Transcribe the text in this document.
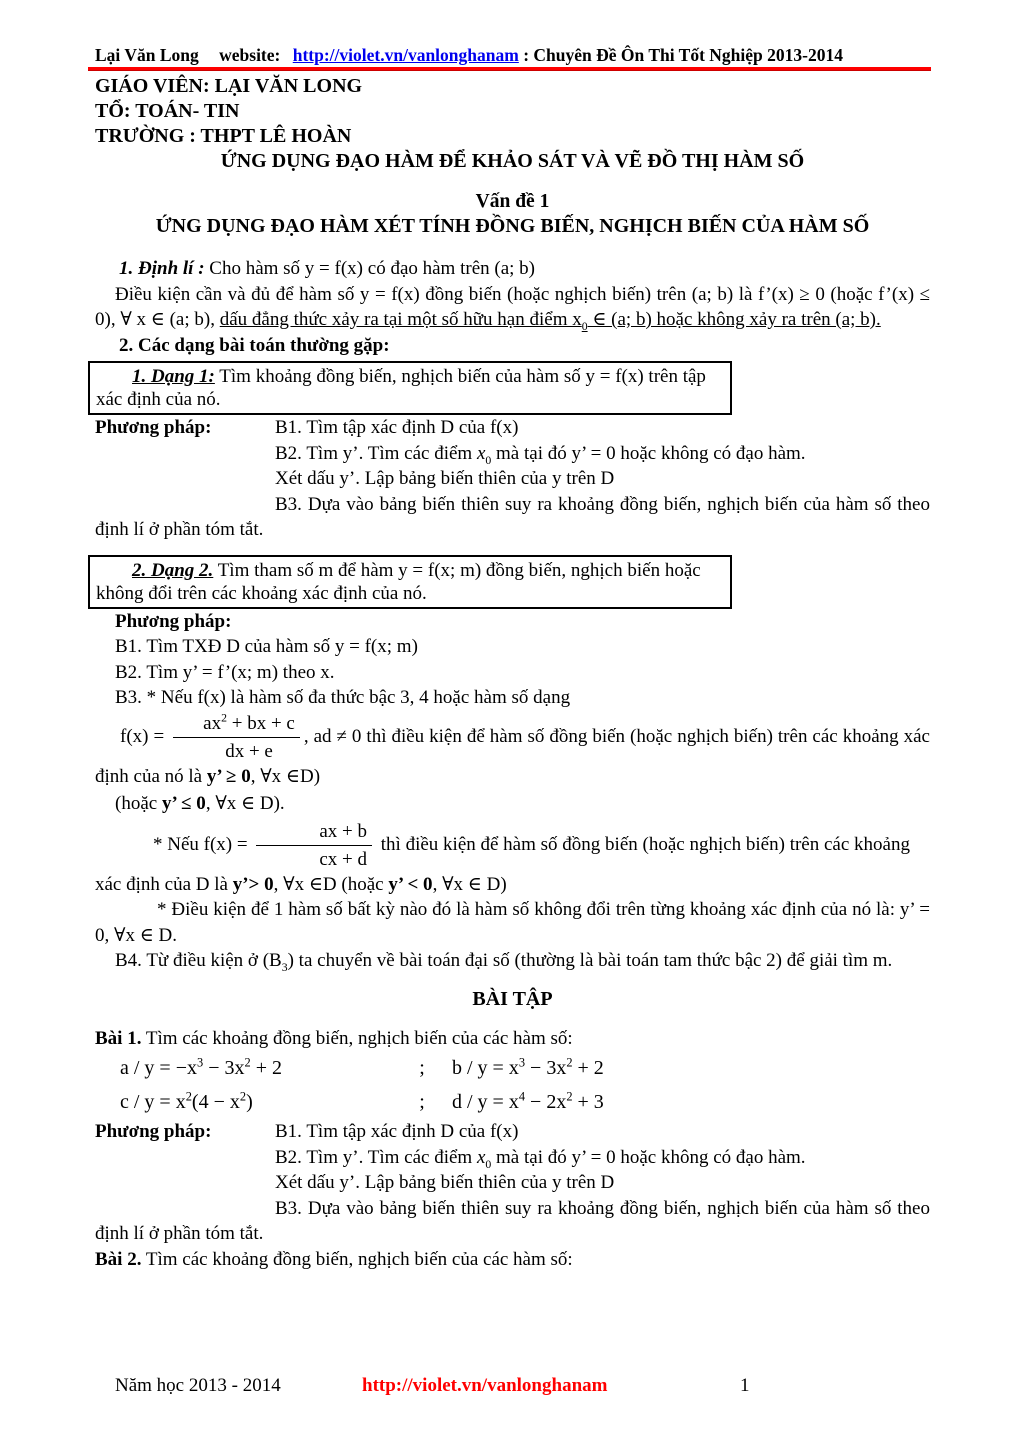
Lại Văn Long website: http://violet.vn/vanlonghanam : Chuyên Đề Ôn Thi Tốt Nghiệp 2013-2014
GIÁO VIÊN: LẠI VĂN LONG
TỔ: TOÁN- TIN
TRƯỜNG : THPT LÊ HOÀN
ỨNG DỤNG ĐẠO HÀM ĐỂ KHẢO SÁT VÀ VẼ ĐỒ THỊ HÀM SỐ
Vấn đề 1
ỨNG DỤNG ĐẠO HÀM XÉT TÍNH ĐỒNG BIẾN, NGHỊCH BIẾN CỦA HÀM SỐ

1. Định lí : Cho hàm số y = f(x) có đạo hàm trên (a; b)

Điều kiện cần và đủ để hàm số y = f(x) đồng biến (hoặc nghịch biến) trên (a; b) là f’(x) ≥ 0 (hoặc f’(x) ≤ 0), ∀ x ∈ (a; b), dấu đẳng thức xảy ra tại một số hữu hạn điểm $x_0$ ∈ (a; b) hoặc không xảy ra trên (a; b).

2. Các dạng bài toán thường gặp:

1. Dạng 1: Tìm khoảng đồng biến, nghịch biến của hàm số y = f(x) trên tập xác định của nó.
Phương pháp:	B1. Tìm tập xác định D của f(x)

B2. Tìm y’. Tìm các điểm $x_0$ mà tại đó y’ = 0 hoặc không có đạo hàm.

Xét dấu y’. Lập bảng biến thiên của y trên D

B3. Dựa vào bảng biến thiên suy ra khoảng đồng biến, nghịch biến của hàm số theo định lí ở phần tóm tắt.

2. Dạng 2. Tìm tham số m để hàm y = f(x; m) đồng biến, nghịch biến hoặc không đổi trên các khoảng xác định của nó.

Phương pháp:

B1. Tìm TXĐ D của hàm số y = f(x; m)

B2. Tìm y’ = f’(x; m) theo x.

B3. * Nếu f(x) là hàm số đa thức bậc 3, 4 hoặc hàm số dạng

$f(x) = \frac{ax^2 + bx + c}{dx + e}$ , ad ≠ 0 thì điều kiện để hàm số đồng biến (hoặc nghịch biến) trên các khoảng xác định của nó là y’ ≥ 0, ∀x ∈D)

(hoặc y’ ≤ 0, ∀x ∈ D).

* Nếu $f(x) = \frac{ax + b}{cx + d}$ thì điều kiện để hàm số đồng biến (hoặc nghịch biến) trên các khoảng xác định của D là y’> 0, ∀x ∈D (hoặc y’ < 0, ∀x ∈ D)

* Điều kiện để 1 hàm số bất kỳ nào đó là hàm số không đổi trên từng khoảng xác định của nó là: y’ = 0, ∀x ∈ D.

B4. Từ điều kiện ở $(B_3)$ ta chuyển về bài toán đại số (thường là bài toán tam thức bậc 2) để giải tìm m.

BÀI TẬP

Bài 1. Tìm các khoảng đồng biến, nghịch biến của các hàm số:

$a / y = -x^3 - 3x^2 + 2$	;	$b / y = x^3 - 3x^2 + 2$
$c / y = x^2(4 - x^2)$	;	$d / y = x^4 - 2x^2 + 3$
Phương pháp:	B1. Tìm tập xác định D của f(x)

B2. Tìm y’. Tìm các điểm $x_0$ mà tại đó y’ = 0 hoặc không có đạo hàm.

Xét dấu y’. Lập bảng biến thiên của y trên D

B3. Dựa vào bảng biến thiên suy ra khoảng đồng biến, nghịch biến của hàm số theo định lí ở phần tóm tắt.

Bài 2. Tìm các khoảng đồng biến, nghịch biến của các hàm số:

Năm học 2013 - 2014	http://violet.vn/vanlonghanam	1
